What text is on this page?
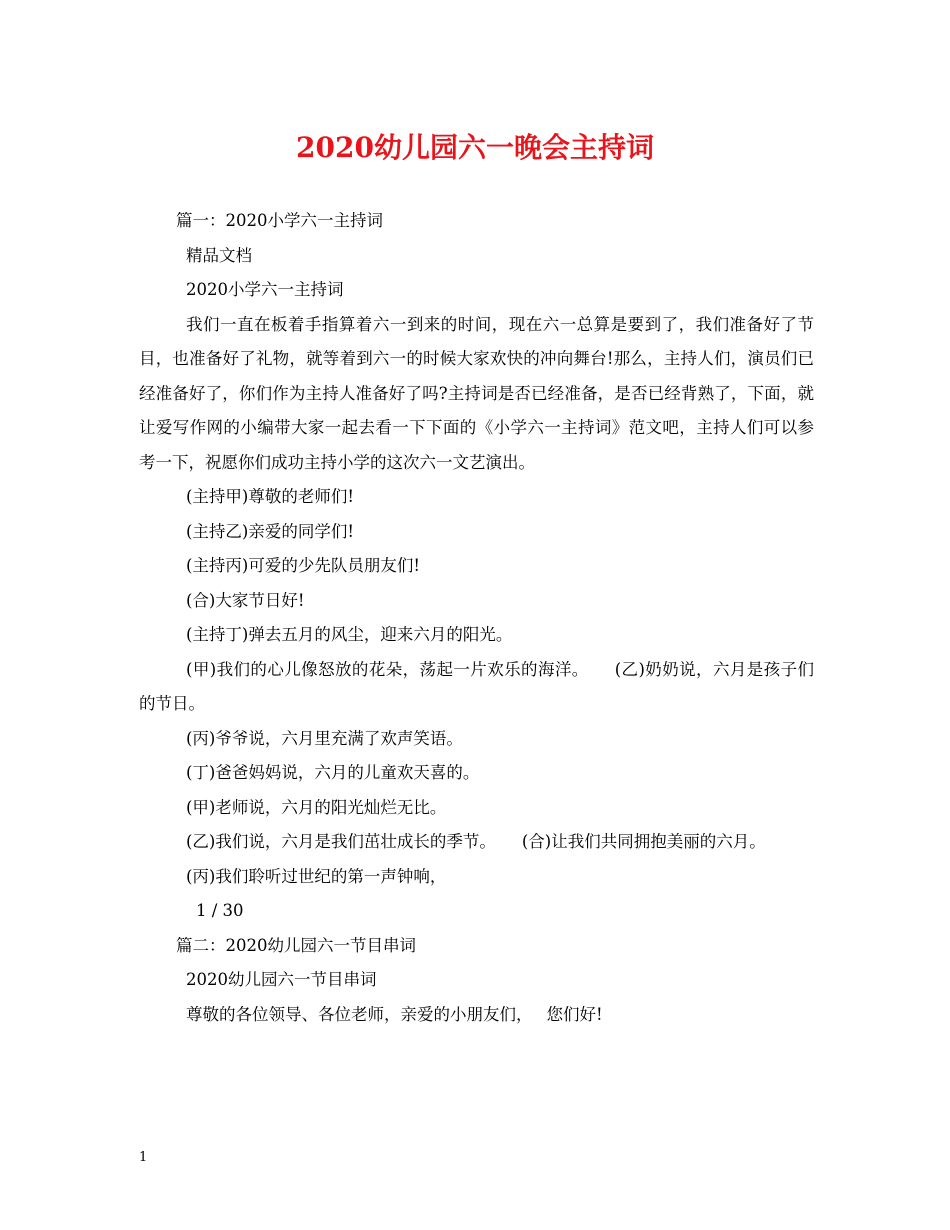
2020幼儿园六一晚会主持词

篇一：2020小学六一主持词

精品文档

2020小学六一主持词

我们一直在板着手指算着六一到来的时间，现在六一总算是要到了，我们准备好了节目，也准备好了礼物，就等着到六一的时候大家欢快的冲向舞台!那么，主持人们，演员们已经准备好了，你们作为主持人准备好了吗?主持词是否已经准备，是否已经背熟了，下面，就让爱写作网的小编带大家一起去看一下下面的《小学六一主持词》范文吧，主持人们可以参考一下，祝愿你们成功主持小学的这次六一文艺演出。

(主持甲)尊敬的老师们!

(主持乙)亲爱的同学们!

(主持丙)可爱的少先队员朋友们!

(合)大家节日好!

(主持丁)弹去五月的风尘，迎来六月的阳光。

(甲)我们的心儿像怒放的花朵，荡起一片欢乐的海洋。 (乙)奶奶说，六月是孩子们的节日。

(丙)爷爷说，六月里充满了欢声笑语。

(丁)爸爸妈妈说，六月的儿童欢天喜的。

(甲)老师说，六月的阳光灿烂无比。

(乙)我们说，六月是我们茁壮成长的季节。 (合)让我们共同拥抱美丽的六月。

(丙)我们聆听过世纪的第一声钟响，

1 / 30

篇二：2020幼儿园六一节目串词

2020幼儿园六一节目串词

尊敬的各位领导、各位老师，亲爱的小朋友们， 您们好!

1
